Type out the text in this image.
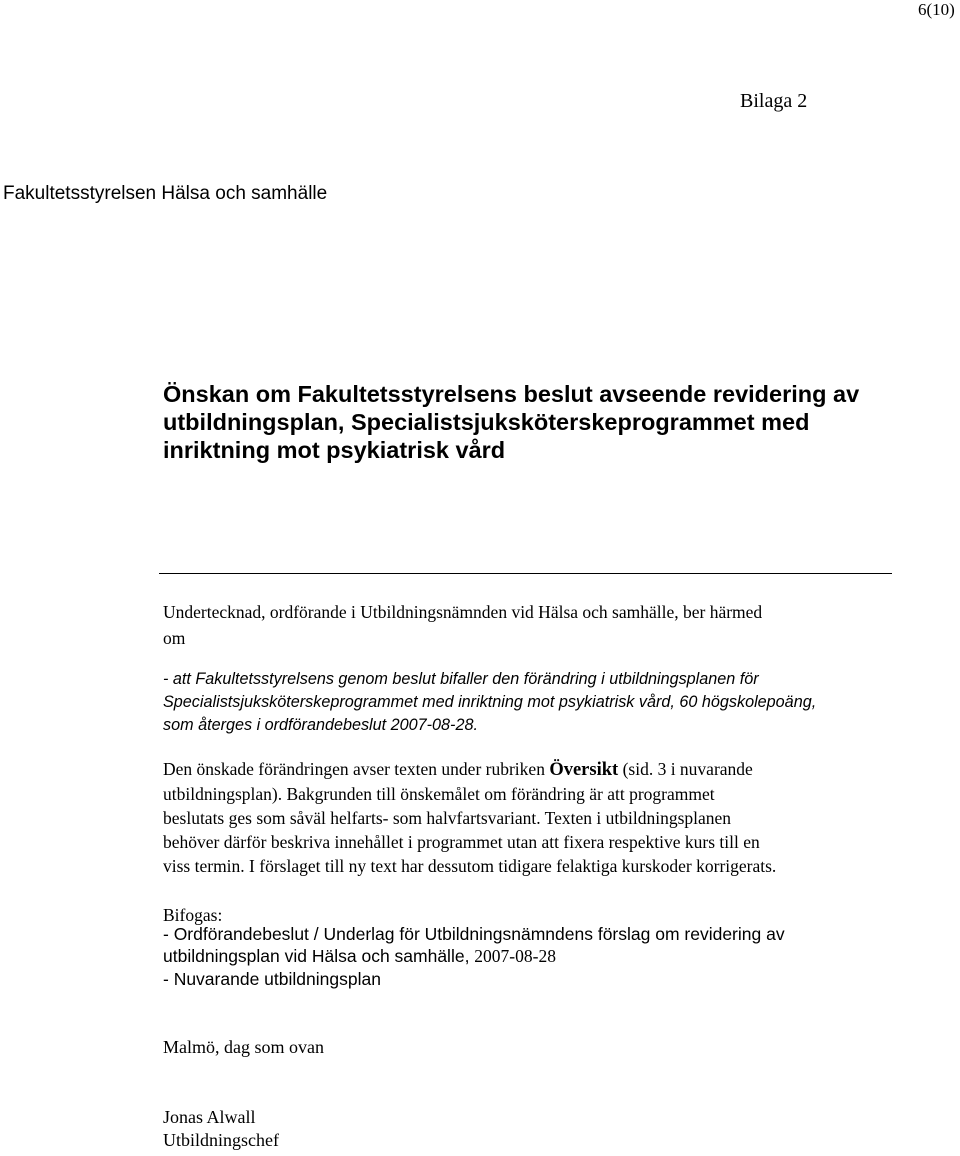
6(10)
Bilaga 2
Fakultetsstyrelsen Hälsa och samhälle
Önskan om Fakultetsstyrelsens beslut avseende revidering av
utbildningsplan, Specialistsjuksköterskeprogrammet med
inriktning mot psykiatrisk vård
Undertecknad, ordförande i Utbildningsnämnden vid Hälsa och samhälle, ber härmed
om
- att Fakultetsstyrelsens genom beslut bifaller den förändring i utbildningsplanen för
Specialistsjuksköterskeprogrammet med inriktning mot psykiatrisk vård, 60 högskolepoäng,
som återges i ordförandebeslut 2007-08-28.
Den önskade förändringen avser texten under rubriken Översikt (sid. 3 i nuvarande
utbildningsplan). Bakgrunden till önskemålet om förändring är att programmet
beslutats ges som såväl helfarts- som halvfartsvariant. Texten i utbildningsplanen
behöver därför beskriva innehållet i programmet utan att fixera respektive kurs till en
viss termin. I förslaget till ny text har dessutom tidigare felaktiga kurskoder korrigerats.
Bifogas:
- Ordförandebeslut / Underlag för Utbildningsnämndens förslag om revidering av
utbildningsplan vid Hälsa och samhälle, 2007-08-28
- Nuvarande utbildningsplan
Malmö, dag som ovan
Jonas Alwall
Utbildningschef
